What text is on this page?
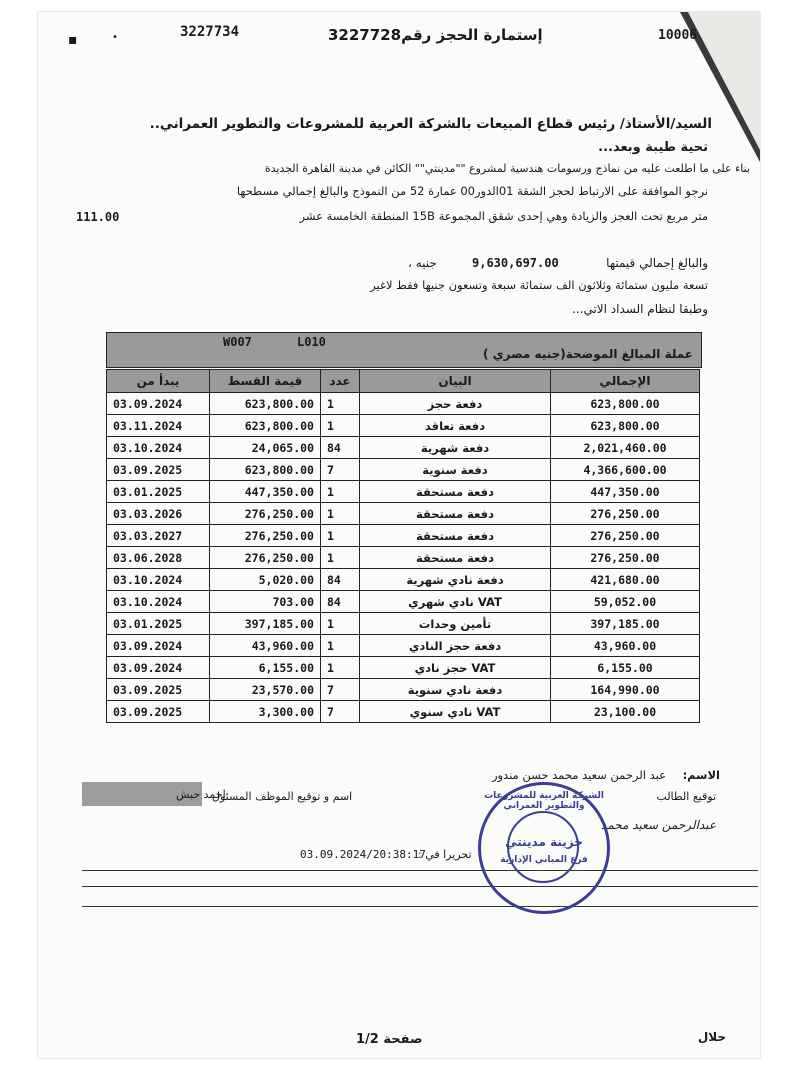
3227734	إستمارة الحجز رقم3227728	10006
▪	•
السيد/الأستاذ/ رئيس قطاع المبيعات بالشركة العربية للمشروعات والتطوير العمراني..
تحية طيبة وبعد...
بناء على ما اطلعت عليه من نماذج ورسومات هندسية لمشروع ""مدينتي"" الكائن في مدينة القاهرة الجديدة
نرجو الموافقة على الارتباط لحجز الشقة 01الدور00 عمارة 52 من النموذج والبالغ إجمالي مسطحها
111.00	متر مربع تحت العجز والزيادة وهي إحدى شقق المجموعة 15B المنطقة الخامسة عشر
والبالغ إجمالي قيمتها
9,630,697.00
جنيه ،
تسعة مليون ستمائة وثلاثون الف ستمائة سبعة وتسعون جنيها فقط لاغير
وطبقا لنظام السداد الاتي...
W007	L010
عملة المبالغ الموضحة(جنيه مصري )
يبدأ من	قيمة القسط	عدد	البيان	الإجمالي
03.09.2024	623,800.00	1	دفعة حجز	623,800.00
03.11.2024	623,800.00	1	دفعة تعاقد	623,800.00
03.10.2024	24,065.00	84	دفعة شهرية	2,021,460.00
03.09.2025	623,800.00	7	دفعة سنوية	4,366,600.00
03.01.2025	447,350.00	1	دفعة مستحقة	447,350.00
03.03.2026	276,250.00	1	دفعة مستحقة	276,250.00
03.03.2027	276,250.00	1	دفعة مستحقة	276,250.00
03.06.2028	276,250.00	1	دفعة مستحقة	276,250.00
03.10.2024	5,020.00	84	دفعة نادي شهرية	421,680.00
03.10.2024	703.00	84	VAT نادي شهري	59,052.00
03.01.2025	397,185.00	1	تأمين وحدات	397,185.00
03.09.2024	43,960.00	1	دفعة حجز النادي	43,960.00
03.09.2024	6,155.00	1	VAT حجز نادي	6,155.00
03.09.2025	23,570.00	7	دفعة نادي سنوية	164,990.00
03.09.2025	3,300.00	7	VAT نادي سنوي	23,100.00
الاسم:
عبد الرحمن سعيد محمد حسن مندور
احمد حبش
اسم و توقيع الموظف المسئول	توقيع الطالب
عبدالرحمن سعيد محمد
03.09.2024/20:38:17
تحريرا في :
الشركة العربية للمشروعات والتطوير العمراني
خزينة مدينتي
فرع المباني الإدارية
صفحة 1/2	حلال
